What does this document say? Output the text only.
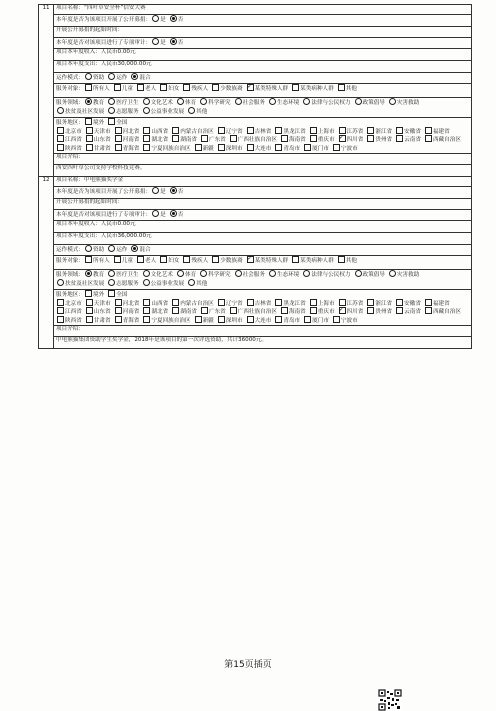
11	项目名称：“四叶草安全杯”信安大赛
	本年度是否为该项目开展了公开募捐： 是 否
	开展公开募捐的起始时间：
	本年度是否对该项目进行了专项审计： 是 否
	项目本年度收入：人民币0.00元
	项目本年度支出：人民币30,000.00元
	运作模式： 资助 运作 混合
	服务对象： 所有人 儿童 老人 妇女 残疾人 少数族裔 ✓ 某类特殊人群 某类病种人群 其他
	服务领域： 教育 医疗卫生 文化艺术 体育 科学研究 社会服务 生态环境 法律与公民权力 政策倡导 灾害救助扶贫及社区发展 志愿服务 公益事业发展 其他
	服务地区： 境外 全国
北京市 天津市 河北省 山西省 内蒙古自治区 辽宁省 吉林省 黑龙江省 上海市 江苏省 浙江省 安徽省 福建省江西省 山东省 河南省 湖北省 湖南省 广东省 广西壮族自治区 海南省 重庆市 ✓ 四川省 贵州省 云南省 西藏自治区陕西省 甘肃省 青海省 宁夏回族自治区 新疆 深圳市 大连市 青岛市 厦门市 宁波市
	项目介绍：
	西安四叶草公司支持学校科技竞赛。
12	项目名称：中电熊猫奖学金
	本年度是否为该项目开展了公开募捐： 是 否
	开展公开募捐的起始时间：
	本年度是否对该项目进行了专项审计： 是 否
	项目本年度收入：人民币0.00元
	项目本年度支出：人民币36,000.00元
	运作模式： 资助 运作 混合
	服务对象： 所有人 儿童 老人 妇女 残疾人 少数族裔 ✓ 某类特殊人群 某类病种人群 其他
	服务领域： 教育 医疗卫生 文化艺术 体育 科学研究 社会服务 生态环境 法律与公民权力 政策倡导 灾害救助扶贫及社区发展 志愿服务 公益事业发展 其他
	服务地区： 境外 全国
北京市 天津市 河北省 山西省 内蒙古自治区 辽宁省 吉林省 黑龙江省 上海市 江苏省 浙江省 安徽省 福建省江西省 山东省 河南省 湖北省 湖南省 广东省 广西壮族自治区 海南省 重庆市 ✓ 四川省 贵州省 云南省 西藏自治区陕西省 甘肃省 青海省 宁夏回族自治区 新疆 深圳市 大连市 青岛市 厦门市 宁波市
	项目介绍：
	中电熊猫集团资助学生奖学金，2018年是该项目的第一次评选资助，共计36000元。
第15页插页
